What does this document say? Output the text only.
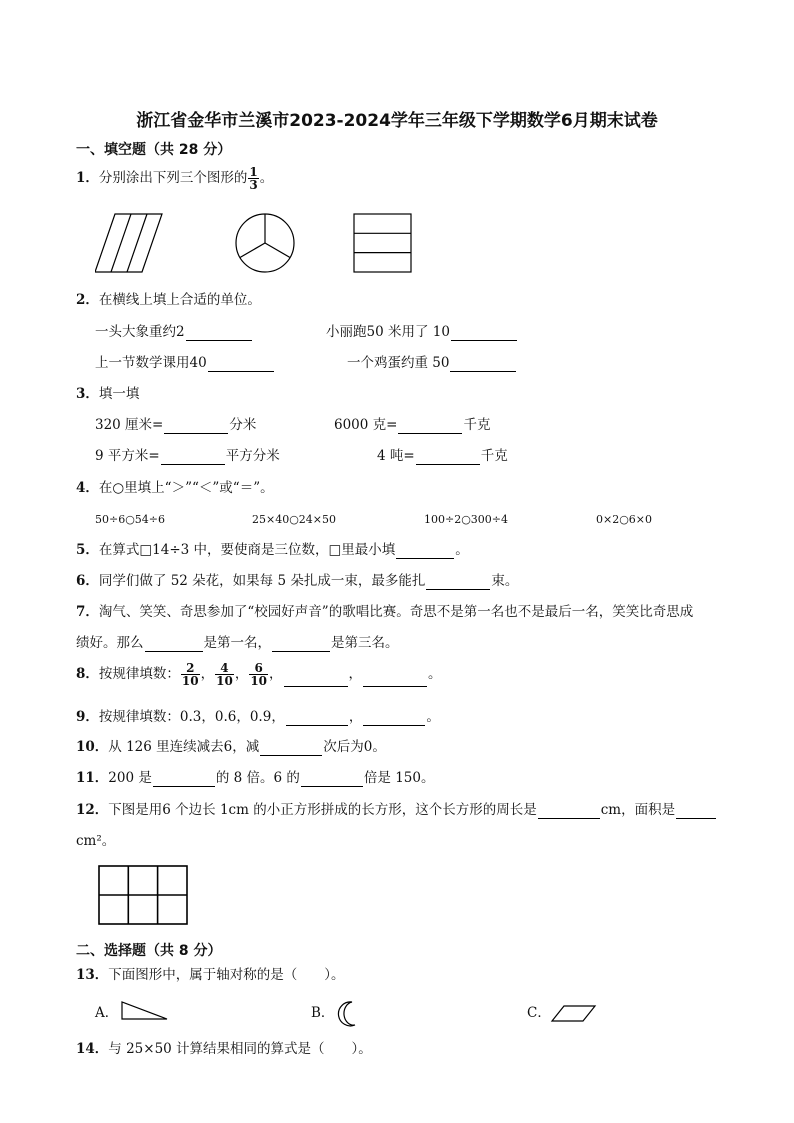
浙江省金华市兰溪市2023-2024学年三年级下学期数学6月期末试卷
一、填空题（共 28 分）
1．分别涂出下列三个图形的 $\frac{1}{3}$ 。
2．在横线上填上合适的单位。
一头大象重约2	小丽跑50 米用了 10
上一节数学课用40	一个鸡蛋约重 50
3．填一填
320 厘米=	分米	6000 克=	千克
9 平方米=	平方分米	4 吨=	千克
4．在○里填上“＞”“＜”或“＝”。
50÷6○54÷6	25×40○24×50	100÷2○300÷4	0×2○6×0
5．在算式□14÷3 中，要使商是三位数，□里最小填	。
6．同学们做了 52 朵花，如果每 5 朵扎成一束，最多能扎	束。
7．淘气、笑笑、奇思参加了“校园好声音”的歌唱比赛。奇思不是第一名也不是最后一名，笑笑比奇思成
绩好。那么	是第一名，	是第三名。
8．按规律填数： $\frac{2}{10}$ ， $\frac{4}{10}$ ， $\frac{6}{10}$ ，	，	。
9．按规律填数：0.3，0.6，0.9，	，	。
10．从 126 里连续减去6，减	次后为0。
11．200 是	的 8 倍。6 的	倍是 150。
12．下图是用6 个边长 1cm 的小正方形拼成的长方形，这个长方形的周长是	cm，面积是
cm²。
二、选择题（共 8 分）
13．下面图形中，属于轴对称的是（　　）。
A．	B．	C．
14．与 25×50 计算结果相同的算式是（　　）。
